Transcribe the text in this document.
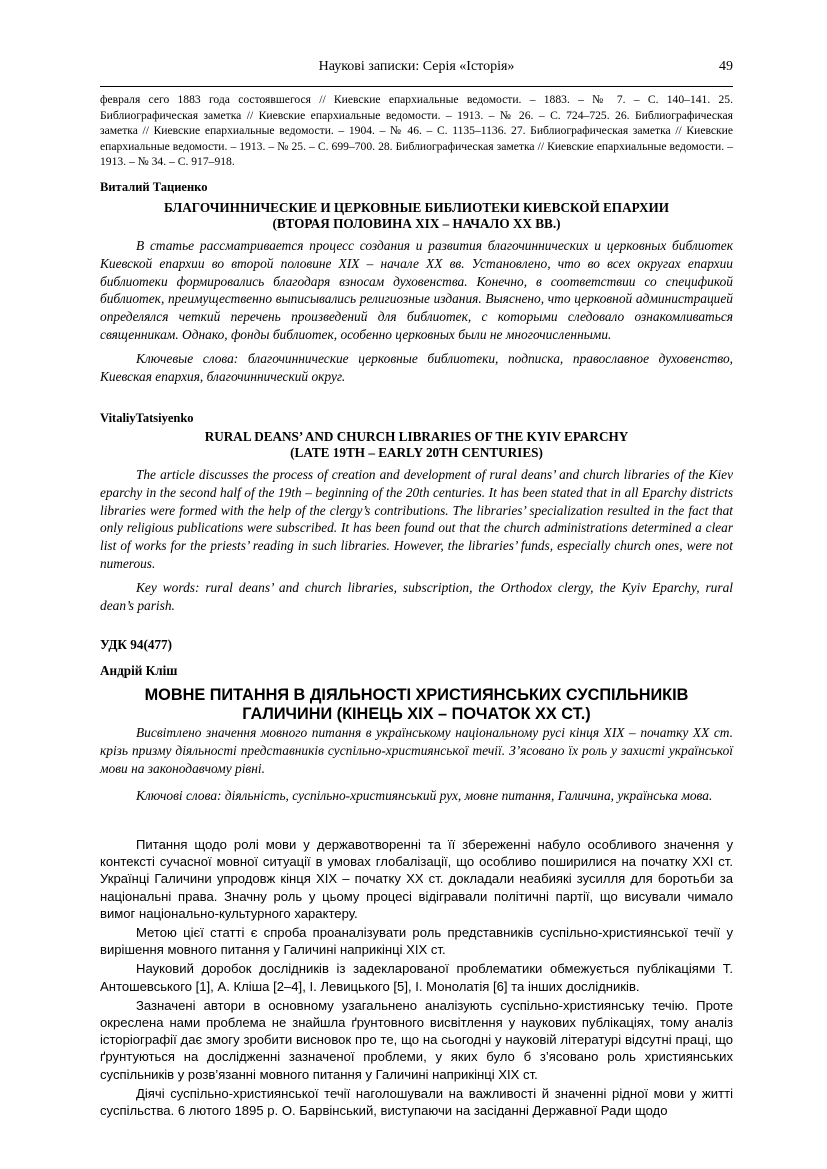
Наукові записки: Серія «Історія»	49
февраля сего 1883 года состоявшегося // Киевские епархиальные ведомости. – 1883. – № 7. – С. 140–141. 25. Библиографическая заметка // Киевские епархиальные ведомости. – 1913. – № 26. – С. 724–725. 26. Библиографическая заметка // Киевские епархиальные ведомости. – 1904. – № 46. – С. 1135–1136. 27. Библиографическая заметка // Киевские епархиальные ведомости. – 1913. – № 25. – С. 699–700. 28. Библиографическая заметка // Киевские епархиальные ведомости. – 1913. – № 34. – С. 917–918.
Виталий Тациенко
БЛАГОЧИННИЧЕСКИЕ И ЦЕРКОВНЫЕ БИБЛИОТЕКИ КИЕВСКОЙ ЕПАРХИИ
(ВТОРАЯ ПОЛОВИНА XIX – НАЧАЛО XX ВВ.)

В статье рассматривается процесс создания и развития благочиннических и церковных библиотек Киевской епархии во второй половине XIX – начале XX вв. Установлено, что во всех округах епархии библиотеки формировались благодаря взносам духовенства. Конечно, в соответствии со спецификой библиотек, преимущественно выписывались религиозные издания. Выяснено, что церковной администрацией определялся четкий перечень произведений для библиотек, с которыми следовало ознакомливаться священникам. Однако, фонды библиотек, особенно церковных были не многочисленными.

Ключевые слова: благочиннические церковные библиотеки, подписка, православное духовенство, Киевская епархия, благочиннический округ.

VitaliyTatsiyenko
RURAL DEANS’ AND CHURCH LIBRARIES OF THE KYIV EPARCHY
(LATE 19TH – EARLY 20TH CENTURIES)

The article discusses the process of creation and development of rural deans’ and church libraries of the Kiev eparchy in the second half of the 19th – beginning of the 20th centuries. It has been stated that in all Eparchy districts libraries were formed with the help of the clergy’s contributions. The libraries’ specialization resulted in the fact that only religious publications were subscribed. It has been found out that the church administrations determined a clear list of works for the priests’ reading in such libraries. However, the libraries’ funds, especially church ones, were not numerous.

Key words: rural deans’ and church libraries, subscription, the Orthodox clergy, the Kyiv Eparchy, rural dean’s parish.

УДК 94(477)
Андрій Кліш
МОВНЕ ПИТАННЯ В ДІЯЛЬНОСТІ ХРИСТИЯНСЬКИХ СУСПІЛЬНИКІВ
ГАЛИЧИНИ (КІНЕЦЬ ХІХ – ПОЧАТОК ХХ СТ.)

Висвітлено значення мовного питання в українському національному русі кінця ХІХ – початку ХХ ст. крізь призму діяльності представників суспільно-християнської течії. З’ясовано їх роль у захисті української мови на законодавчому рівні.

Ключові слова: діяльність, суспільно-християнський рух, мовне питання, Галичина, українська мова.

Питання щодо ролі мови у державотворенні та її збереженні набуло особливого значення у контексті сучасної мовної ситуації в умовах глобалізації, що особливо поширилися на початку ХХІ ст. Українці Галичини упродовж кінця ХІХ – початку ХХ ст. докладали неабиякі зусилля для боротьби за національні права. Значну роль у цьому процесі відігравали політичні партії, що висували чимало вимог національно-культурного характеру.

Метою цієї статті є спроба проаналізувати роль представників суспільно-християнської течії у вирішення мовного питання у Галичині наприкінці ХІХ ст.

Науковий доробок дослідників із задекларованої проблематики обмежується публікаціями Т. Антошевського [1], А. Кліша [2–4], І. Левицького [5], І. Монолатія [6] та інших дослідників.

Зазначені автори в основному узагальнено аналізують суспільно-християнську течію. Проте окреслена нами проблема не знайшла ґрунтовного висвітлення у наукових публікаціях, тому аналіз історіографії дає змогу зробити висновок про те, що на сьогодні у науковій літературі відсутні праці, що ґрунтуються на дослідженні зазначеної проблеми, у яких було б з’ясовано роль християнських суспільників у розв’язанні мовного питання у Галичині наприкінці ХІХ ст.

Діячі суспільно-християнської течії наголошували на важливості й значенні рідної мови у житті суспільства. 6 лютого 1895 р. О. Барвінський, виступаючи на засіданні Державної Ради щодо
